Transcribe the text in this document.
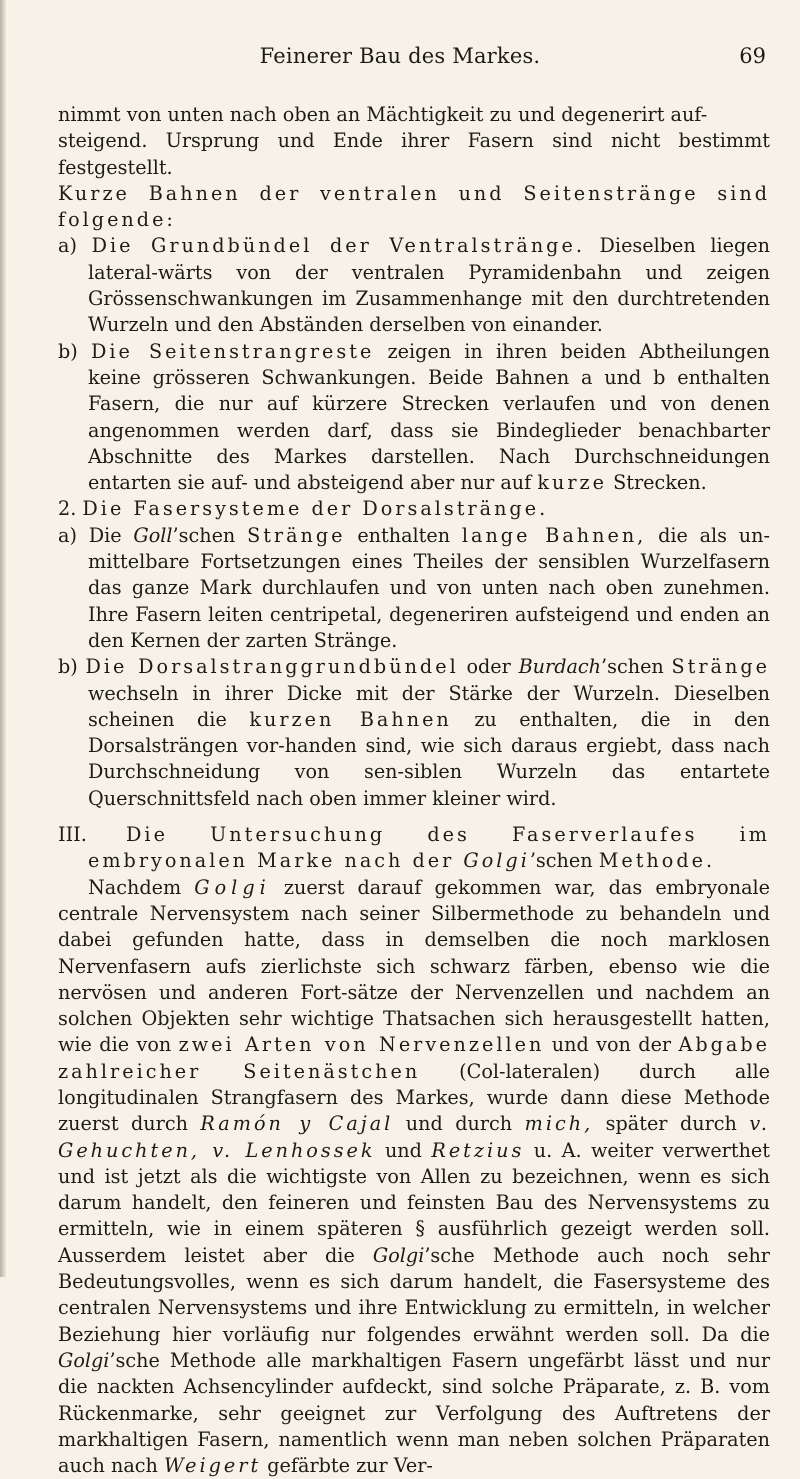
Feinerer Bau des Markes.	69

nimmt von unten nach oben an Mächtigkeit zu und degenerirt auf-

steigend. Ursprung und Ende ihrer Fasern sind nicht bestimmt festgestellt.

Kurze Bahnen der ventralen und Seitenstränge sind folgende:

a) Die Grundbündel der Ventralstränge. Dieselben liegen lateral-wärts von der ventralen Pyramidenbahn und zeigen Grössenschwankungen im Zusammenhange mit den durchtretenden Wurzeln und den Abständen derselben von einander.

b) Die Seitenstrangreste zeigen in ihren beiden Abtheilungen keine grösseren Schwankungen. Beide Bahnen a und b enthalten Fasern, die nur auf kürzere Strecken verlaufen und von denen angenommen werden darf, dass sie Bindeglieder benachbarter Abschnitte des Markes darstellen. Nach Durchschneidungen entarten sie auf- und absteigend aber nur auf kurze Strecken.

2. Die Fasersysteme der Dorsalstränge.

a) Die Goll’schen Stränge enthalten lange Bahnen, die als un-mittelbare Fortsetzungen eines Theiles der sensiblen Wurzelfasern das ganze Mark durchlaufen und von unten nach oben zunehmen. Ihre Fasern leiten centripetal, degeneriren aufsteigend und enden an den Kernen der zarten Stränge.

b) Die Dorsalstranggrundbündel oder Burdach’schen Stränge wechseln in ihrer Dicke mit der Stärke der Wurzeln. Dieselben scheinen die kurzen Bahnen zu enthalten, die in den Dorsalsträngen vor-handen sind, wie sich daraus ergiebt, dass nach Durchschneidung von sen-siblen Wurzeln das entartete Querschnittsfeld nach oben immer kleiner wird.

III. Die Untersuchung des Faserverlaufes im embryonalen Marke nach der Golgi’schen Methode.

Nachdem Golgi zuerst darauf gekommen war, das embryonale centrale Nervensystem nach seiner Silbermethode zu behandeln und dabei gefunden hatte, dass in demselben die noch marklosen Nervenfasern aufs zierlichste sich schwarz färben, ebenso wie die nervösen und anderen Fort-sätze der Nervenzellen und nachdem an solchen Objekten sehr wichtige Thatsachen sich herausgestellt hatten, wie die von zwei Arten von Nervenzellen und von der Abgabe zahlreicher Seitenästchen (Col-lateralen) durch alle longitudinalen Strangfasern des Markes, wurde dann diese Methode zuerst durch Ramón y Cajal und durch mich, später durch v. Gehuchten, v. Lenhossek und Retzius u. A. weiter verwerthet und ist jetzt als die wichtigste von Allen zu bezeichnen, wenn es sich darum handelt, den feineren und feinsten Bau des Nervensystems zu ermitteln, wie in einem späteren § ausführlich gezeigt werden soll. Ausserdem leistet aber die Golgi’sche Methode auch noch sehr Bedeutungsvolles, wenn es sich darum handelt, die Fasersysteme des centralen Nervensystems und ihre Entwicklung zu ermitteln, in welcher Beziehung hier vorläufig nur folgendes erwähnt werden soll. Da die Golgi’sche Methode alle markhaltigen Fasern ungefärbt lässt und nur die nackten Achsencylinder aufdeckt, sind solche Präparate, z. B. vom Rückenmarke, sehr geeignet zur Verfolgung des Auftretens der markhaltigen Fasern, namentlich wenn man neben solchen Präparaten auch nach Weigert gefärbte zur Ver-
